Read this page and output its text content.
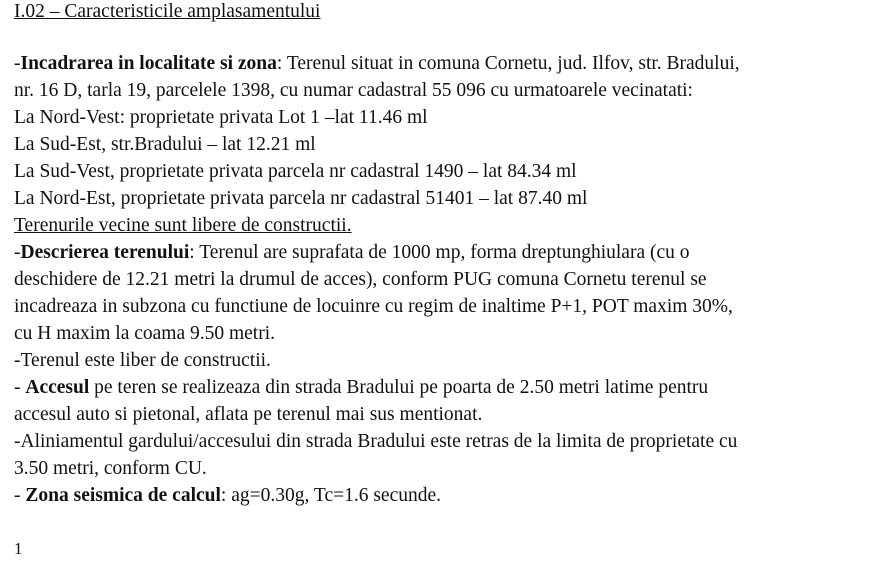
I.02 – Caracteristicile amplasamentului
-Incadrarea in localitate si zona: Terenul situat in comuna Cornetu, jud. Ilfov, str. Bradului,
nr. 16 D, tarla 19, parcelele 1398, cu numar cadastral 55 096 cu urmatoarele vecinatati:
La Nord-Vest: proprietate privata Lot 1 –lat 11.46 ml
La Sud-Est, str.Bradului – lat 12.21 ml
La Sud-Vest, proprietate privata parcela nr cadastral 1490 – lat 84.34 ml
La Nord-Est, proprietate privata parcela nr cadastral 51401 – lat 87.40 ml
Terenurile vecine sunt libere de constructii.
-Descrierea terenului: Terenul are suprafata de 1000 mp, forma dreptunghiulara (cu o
deschidere de 12.21 metri la drumul de acces), conform PUG comuna Cornetu terenul se
incadreaza in subzona cu functiune de locuinre cu regim de inaltime P+1, POT maxim 30%,
cu H maxim la coama 9.50 metri.
-Terenul este liber de constructii.
- Accesul pe teren se realizeaza din strada Bradului pe poarta de 2.50 metri latime pentru
accesul auto si pietonal, aflata pe terenul mai sus mentionat.
-Aliniamentul gardului/accesului din strada Bradului este retras de la limita de proprietate cu
3.50 metri, conform CU.
- Zona seismica de calcul: ag=0.30g, Tc=1.6 secunde.
1
